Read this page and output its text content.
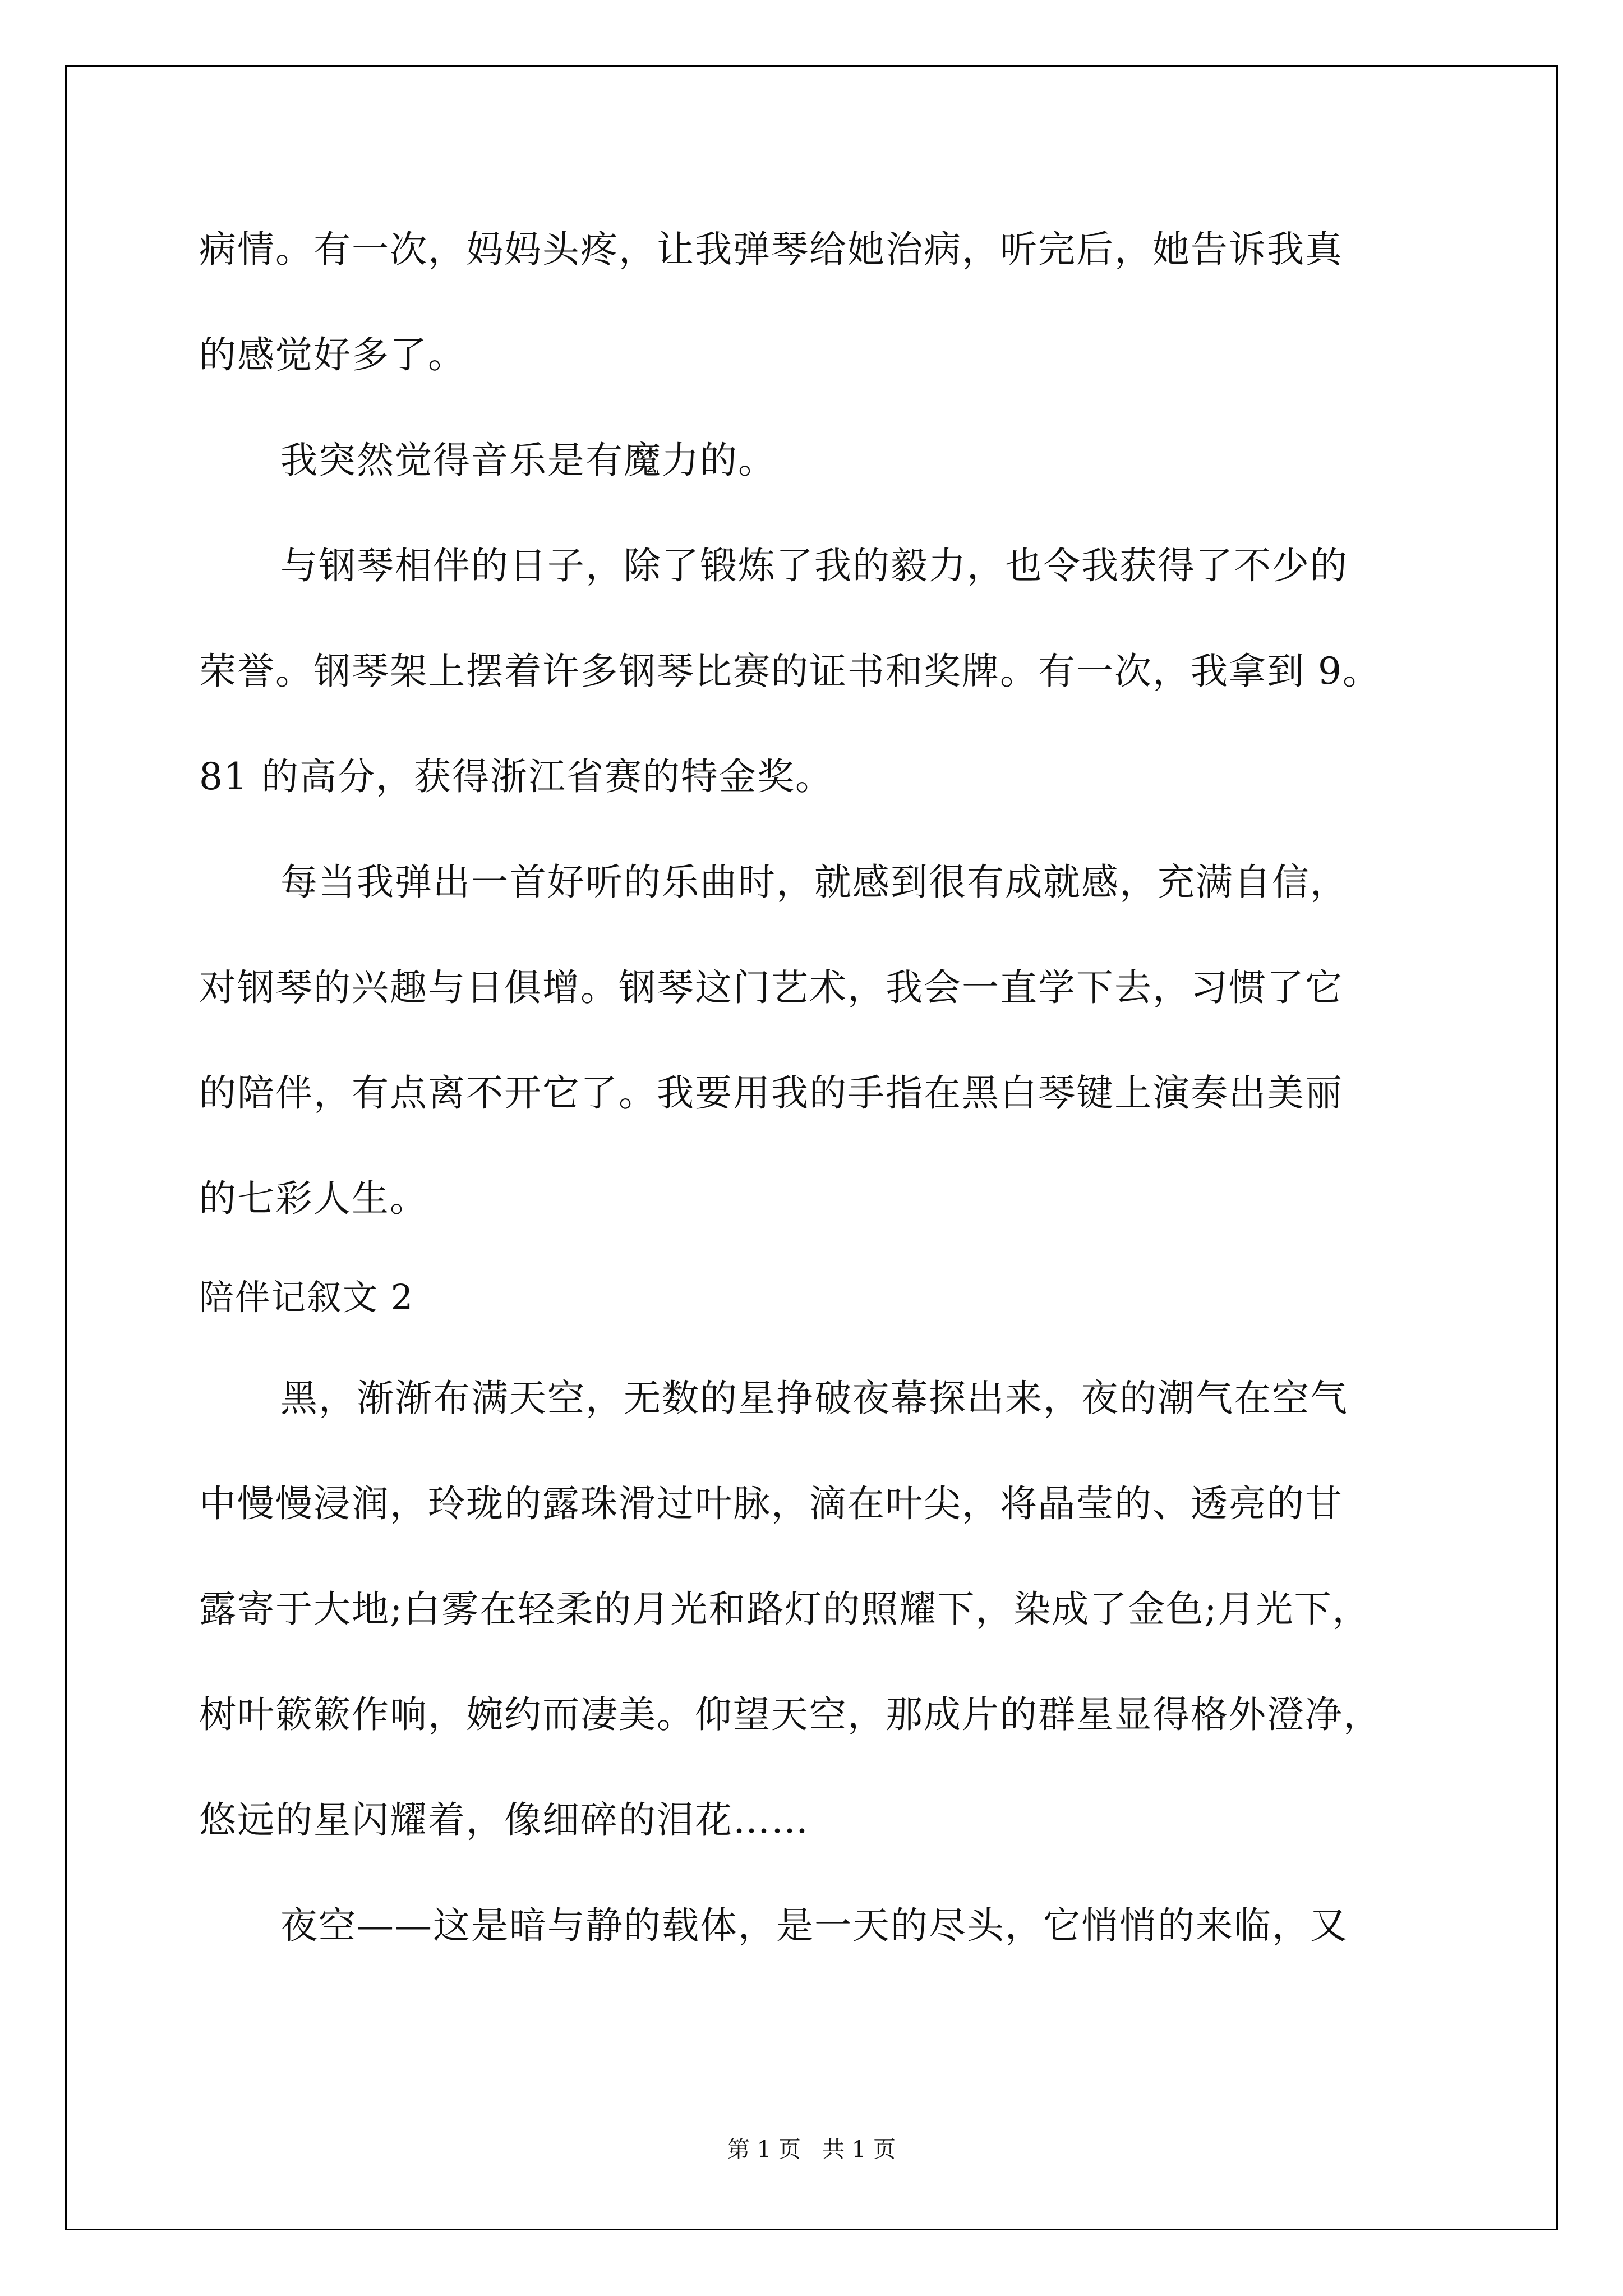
病情。有一次，妈妈头疼，让我弹琴给她治病，听完后，她告诉我真

的感觉好多了。

我突然觉得音乐是有魔力的。

与钢琴相伴的日子，除了锻炼了我的毅力，也令我获得了不少的

荣誉。钢琴架上摆着许多钢琴比赛的证书和奖牌。有一次，我拿到 9。

81 的高分，获得浙江省赛的特金奖。

每当我弹出一首好听的乐曲时，就感到很有成就感，充满自信，

对钢琴的兴趣与日俱增。钢琴这门艺术，我会一直学下去，习惯了它

的陪伴，有点离不开它了。我要用我的手指在黑白琴键上演奏出美丽

的七彩人生。

陪伴记叙文 2

黑，渐渐布满天空，无数的星挣破夜幕探出来，夜的潮气在空气

中慢慢浸润，玲珑的露珠滑过叶脉，滴在叶尖，将晶莹的、透亮的甘

露寄于大地;白雾在轻柔的月光和路灯的照耀下，染成了金色;月光下，

树叶簌簌作响，婉约而凄美。仰望天空，那成片的群星显得格外澄净，

悠远的星闪耀着，像细碎的泪花……

夜空——这是暗与静的载体，是一天的尽头，它悄悄的来临，又

第 1 页   共 1 页
